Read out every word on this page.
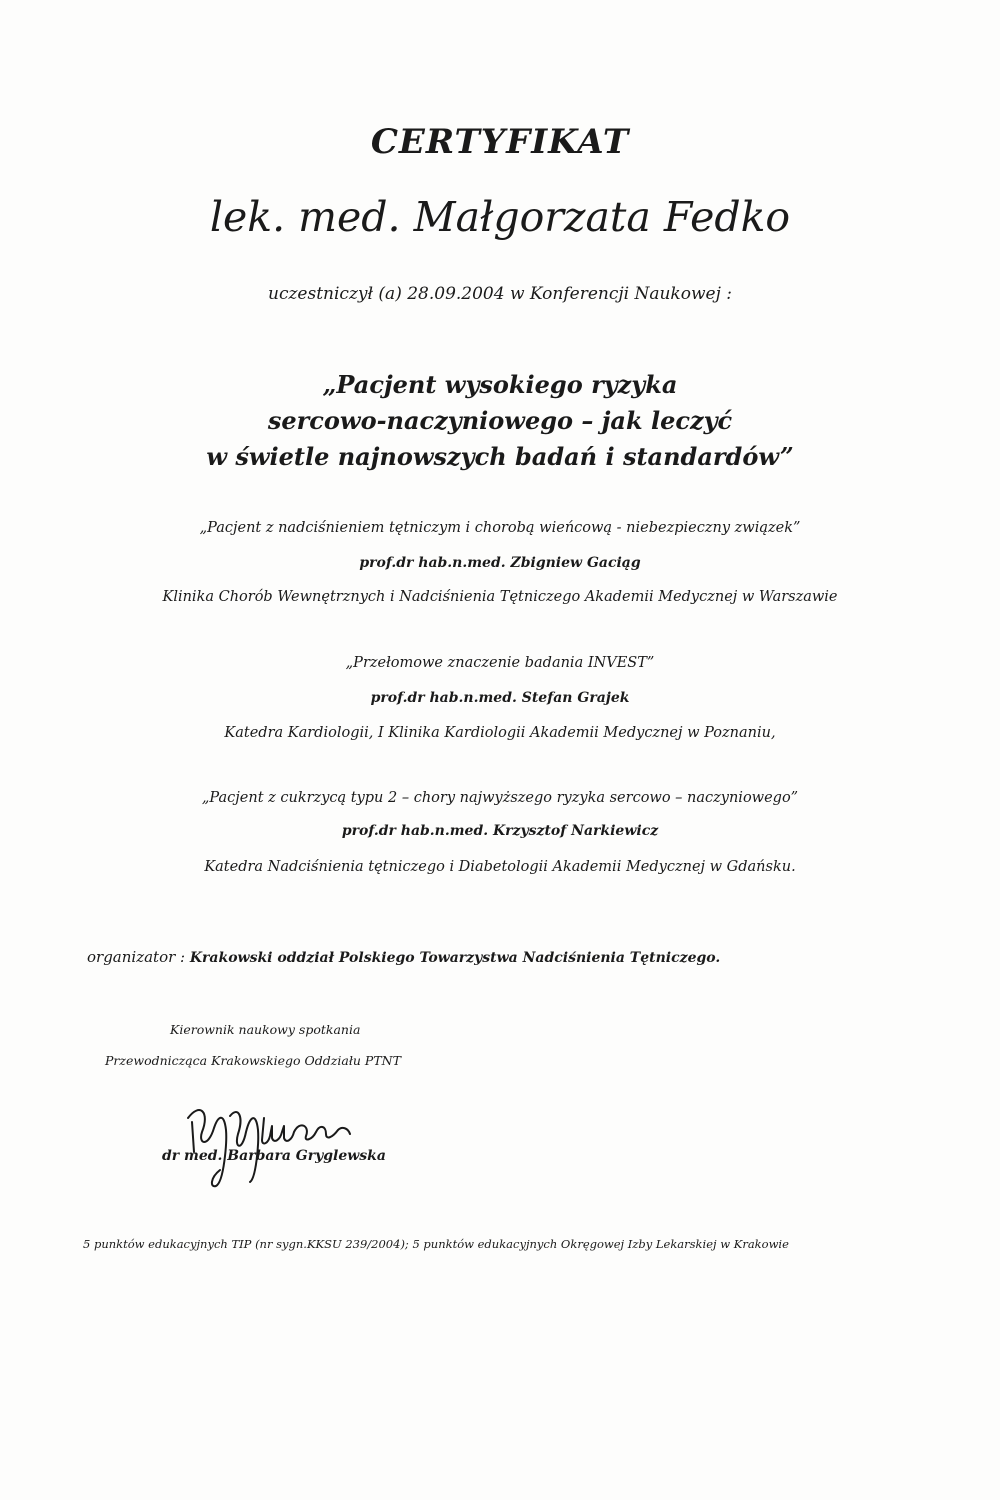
CERTYFIKAT
lek. med. Małgorzata Fedko
uczestniczył (a) 28.09.2004 w Konferencji Naukowej :
„Pacjent wysokiego ryzyka
sercowo-naczyniowego – jak leczyć
w świetle najnowszych badań i standardów”
„Pacjent z nadciśnieniem tętniczym i chorobą wieńcową - niebezpieczny związek”
prof.dr hab.n.med. Zbigniew Gaciąg
Klinika Chorób Wewnętrznych i Nadciśnienia Tętniczego Akademii Medycznej w Warszawie
„Przełomowe znaczenie badania INVEST”
prof.dr hab.n.med. Stefan Grajek
Katedra Kardiologii, I Klinika Kardiologii Akademii Medycznej w Poznaniu,
„Pacjent z cukrzycą typu 2 – chory najwyższego ryzyka sercowo – naczyniowego”
prof.dr hab.n.med. Krzysztof Narkiewicz
Katedra Nadciśnienia tętniczego i Diabetologii Akademii Medycznej w Gdańsku.
organizator : Krakowski oddział Polskiego Towarzystwa Nadciśnienia Tętniczego.
Kierownik naukowy spotkania
Przewodnicząca Krakowskiego Oddziału PTNT
dr med. Barbara Gryglewska
5 punktów edukacyjnych TIP (nr sygn.KKSU 239/2004); 5 punktów edukacyjnych Okręgowej Izby Lekarskiej w Krakowie
